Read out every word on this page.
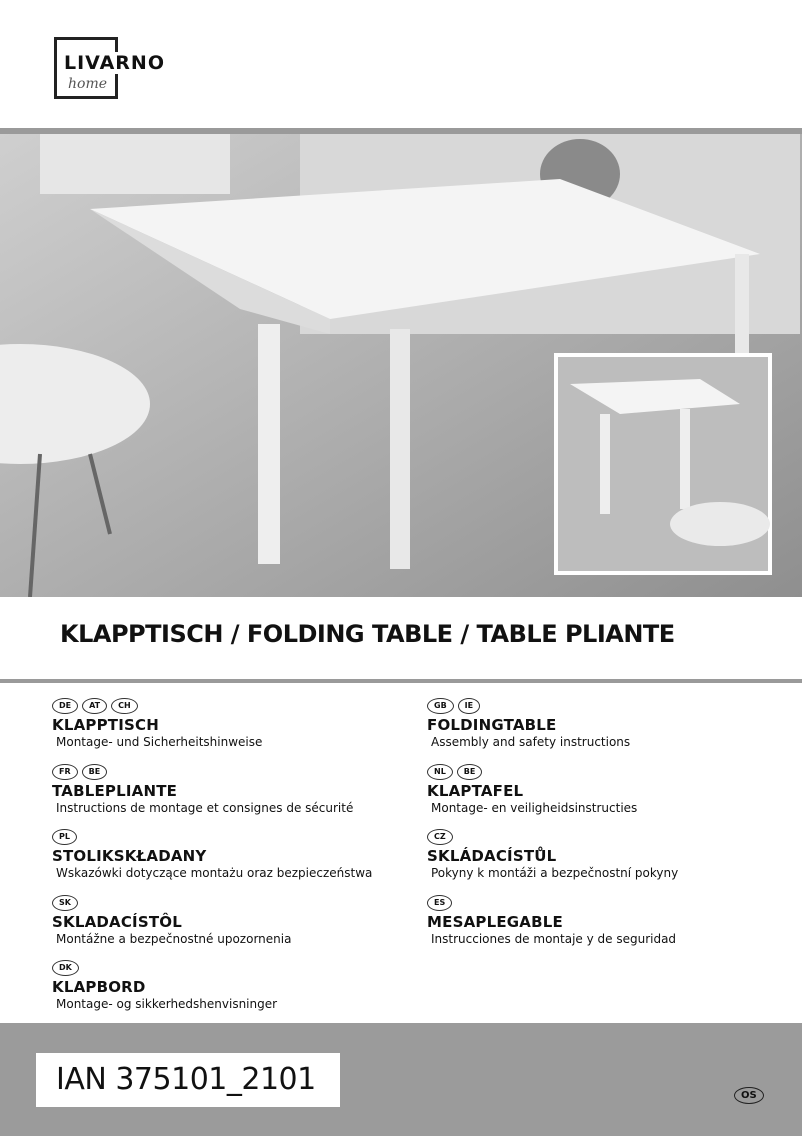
LIVARNO
home
KLAPPTISCH / FOLDING TABLE / TABLE PLIANTE
DE	AT	CH
KLAPPTISCH
Montage- und Sicherheitshinweise
GB	IE
FOLDINGTABLE
Assembly and safety instructions
FR	BE
TABLEPLIANTE
Instructions de montage et consignes de sécurité
NL	BE
KLAPTAFEL
Montage- en veiligheidsinstructies
PL
STOLIKSKŁADANY
Wskazówki dotyczące montażu oraz bezpieczeństwa
CZ
SKLÁDACÍSTŮL
Pokyny k montáži a bezpečnostní pokyny
SK
SKLADACÍSTÔL
Montážne a bezpečnostné upozornenia
ES
MESAPLEGABLE
Instrucciones de montaje y de seguridad
DK
KLAPBORD
Montage- og sikkerhedshenvisninger
IAN 375101_2101	OS
